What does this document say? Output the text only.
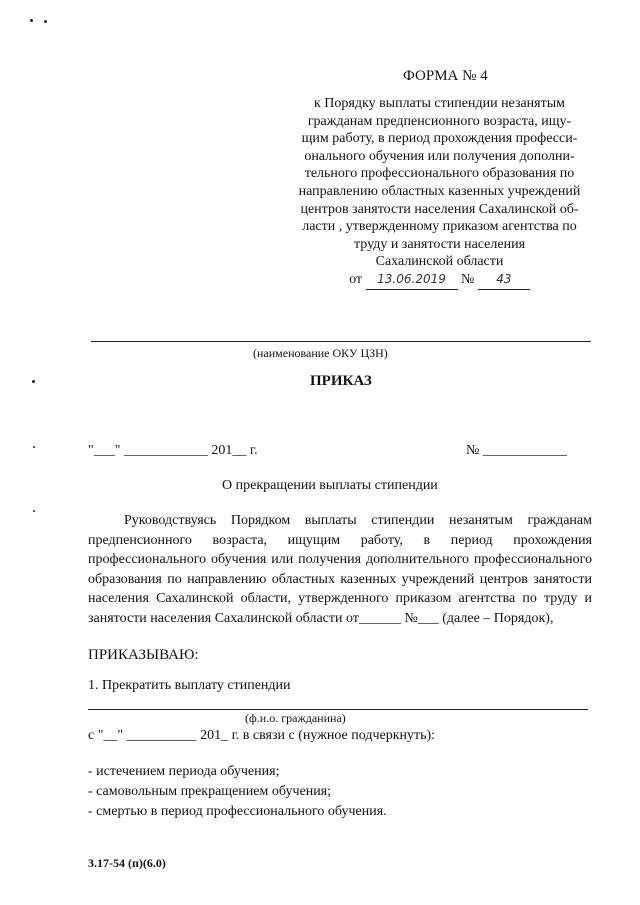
ФОРМА № 4
к Порядку выплаты стипендии незанятым
гражданам предпенсионного возраста, ищу-
щим работу, в период прохождения професси-
онального обучения или получения дополни-
тельного профессионального образования по
направлению областных казенных учреждений
центров занятости населения Сахалинской об-
ласти , утвержденному приказом агентства по
труду и занятости населения
Сахалинской области
от 13.06.2019 № 43
(наименование ОКУ ЦЗН)
ПРИКАЗ
"___" ____________ 201__ г.	№ ____________
О прекращении выплаты стипендии
Руководствуясь Порядком выплаты стипендии незанятым гражданам предпенсионного возраста, ищущим работу, в период прохождения профессионального обучения или получения дополнительного профессионального образования по направлению областных казенных учреждений центров занятости населения Сахалинской области, утвержденного приказом агентства по труду и занятости населения Сахалинской области от______ №___ (далее – Порядок),
ПРИКАЗЫВАЮ:
1. Прекратить выплату стипендии
(ф.и.о. гражданина)
с "__" __________ 201_ г. в связи с (нужное подчеркнуть):
- истечением периода обучения;
- самовольным прекращением обучения;
- смертью в период профессионального обучения.
3.17-54 (п)(6.0)
